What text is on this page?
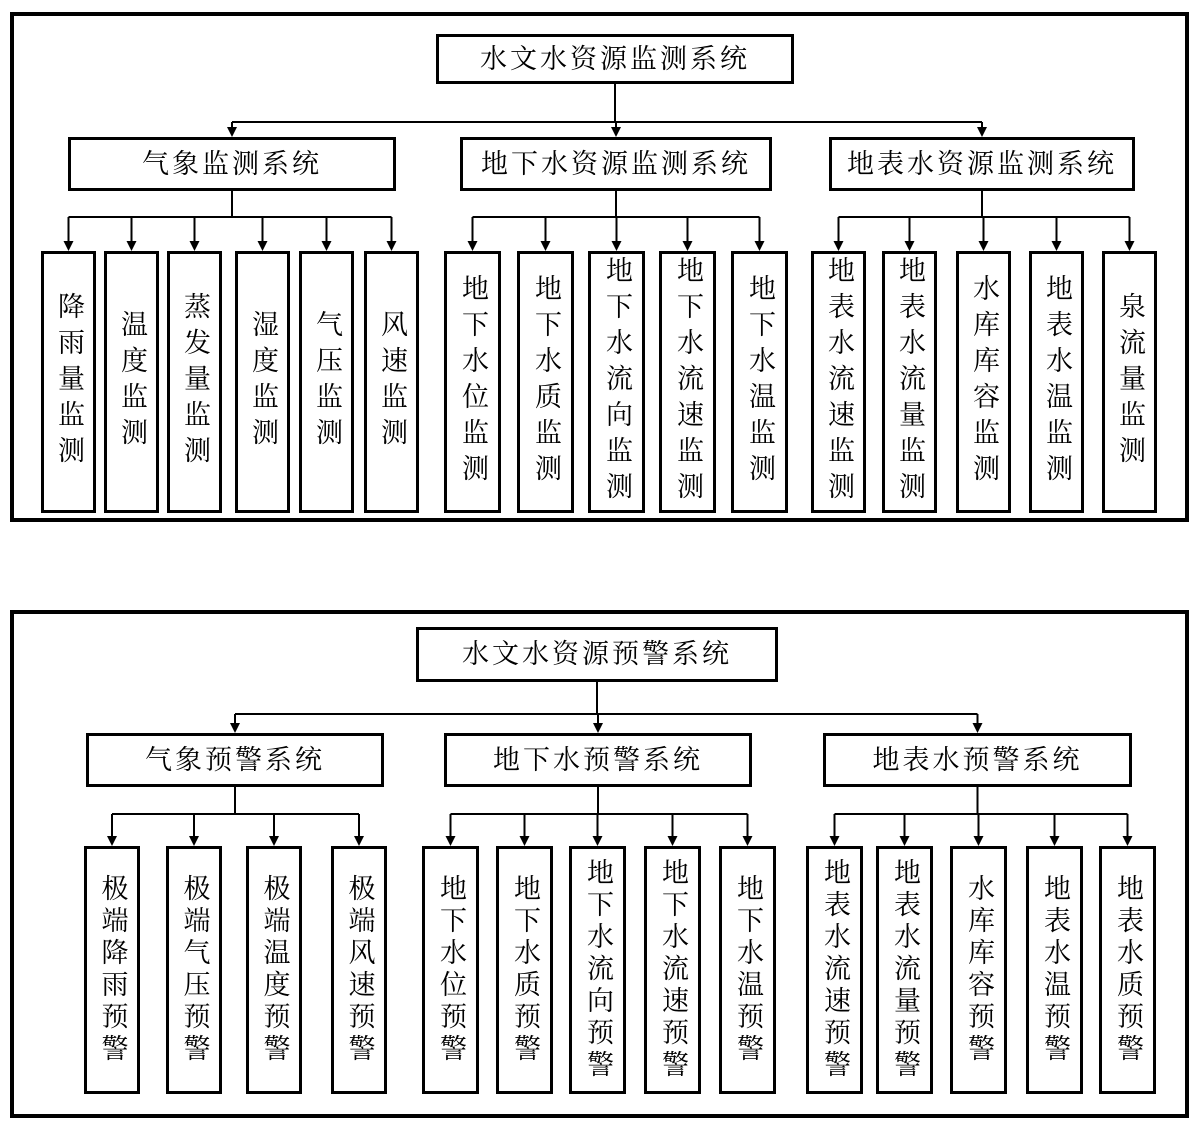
水文水资源监测系统
气象监测系统
降雨量监测 温度监测 蒸发量监测 湿度监测 气压监测 风速监测
地下水资源监测系统
地下水位监测 地下水质监测 地下水流向监测 地下水流速监测 地下水温监测
地表水资源监测系统
地表水流速监测 地表水流量监测 水库库容监测 地表水温监测 泉流量监测
水文水资源预警系统
气象预警系统
极端降雨预警 极端气压预警 极端温度预警 极端风速预警
地下水预警系统
地下水位预警 地下水质预警 地下水流向预警 地下水流速预警 地下水温预警
地表水预警系统
地表水流速预警 地表水流量预警 水库库容预警 地表水温预警 地表水质预警
